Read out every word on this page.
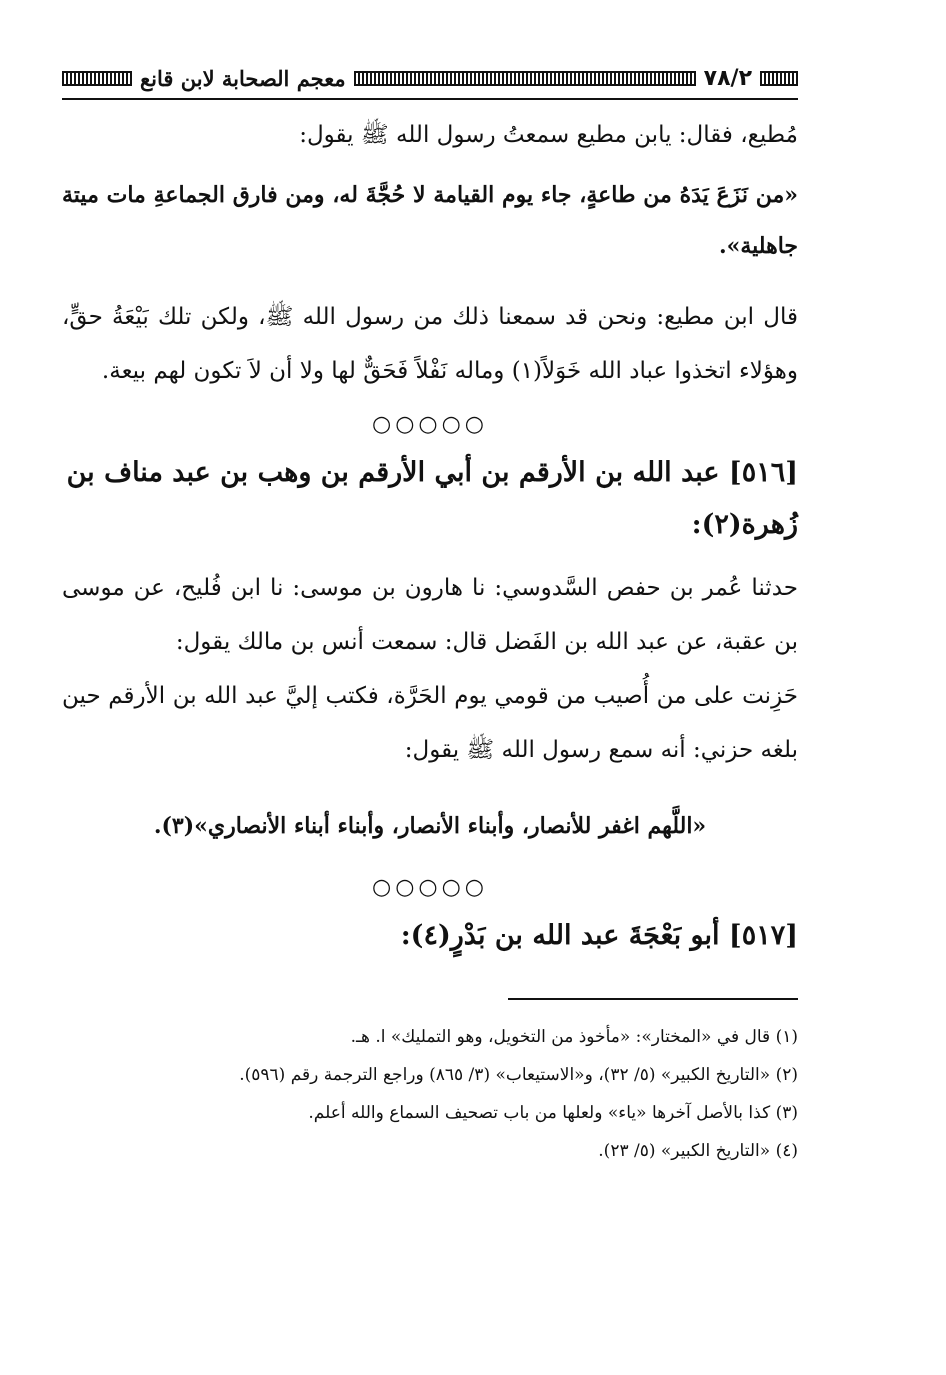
٧٨/٢
معجم الصحابة لابن قانع

مُطيع، فقال: يابن مطيع سمعتُ رسول الله ﷺ يقول:

«من نَزَعَ يَدَهُ من طاعةٍ، جاء يوم القيامة لا حُجَّةَ له، ومن فارق الجماعةِ مات ميتة جاهلية».

قال ابن مطيع: ونحن قد سمعنا ذلك من رسول الله ﷺ، ولكن تلك بَيْعَةُ حقٍّ، وهؤلاء اتخذوا عباد الله خَوَلاً(١) وماله نَفْلاً فَحَقٌّ لها ولا أن لاَ تكون لهم بيعة.

○○○○○

[٥١٦] عبد الله بن الأرقم بن أبي الأرقم بن وهب بن عبد مناف بن زُهرة(٢):

حدثنا عُمر بن حفص السَّدوسي: نا هارون بن موسى: نا ابن فُليح، عن موسى بن عقبة، عن عبد الله بن الفَضل قال: سمعت أنس بن مالك يقول:

حَزِنت على من أُصيب من قومي يوم الحَرَّة، فكتب إليَّ عبد الله بن الأرقم حين بلغه حزني: أنه سمع رسول الله ﷺ يقول:

«اللَّهم اغفر للأنصار، وأبناء الأنصار، وأبناء أبناء الأنصاري»(٣).

○○○○○

[٥١٧] أبو بَعْجَةَ عبد الله بن بَدْرٍ(٤):

(١) قال في «المختار»: «مأخوذ من التخويل، وهو التمليك» ا. هـ.

(٢) «التاريخ الكبير» (٥/ ٣٢)، و«الاستيعاب» (٣/ ٨٦٥) وراجع الترجمة رقم (٥٩٦).

(٣) كذا بالأصل آخرها «ياء» ولعلها من باب تصحيف السماع والله أعلم.

(٤) «التاريخ الكبير» (٥/ ٢٣).
